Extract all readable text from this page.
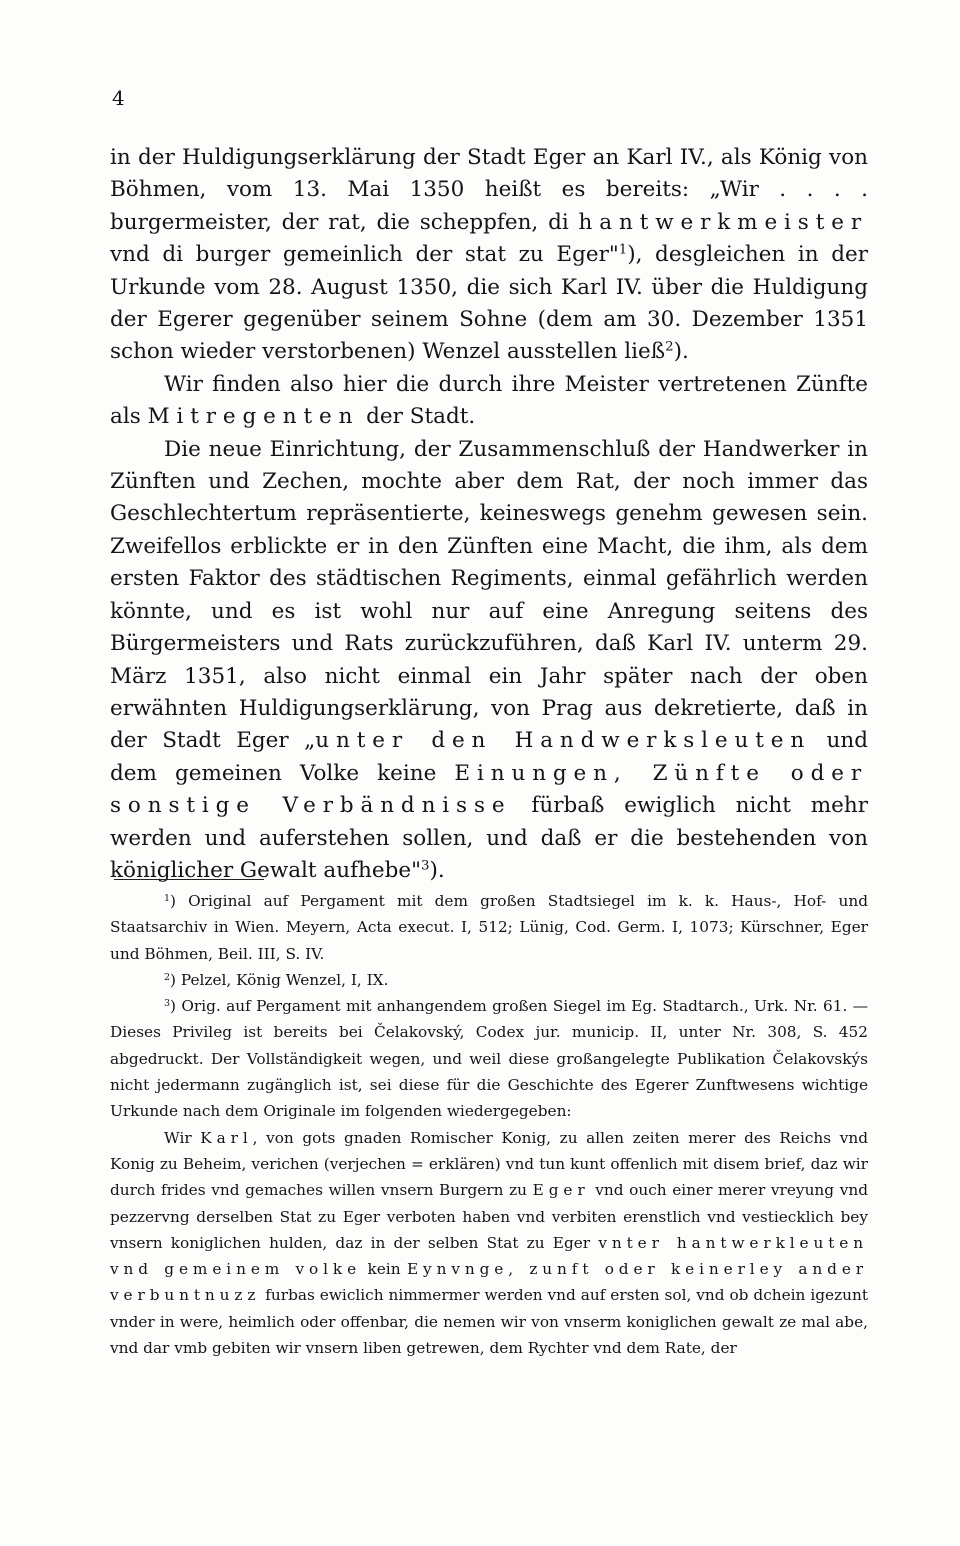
4

in der Huldigungserklärung der Stadt Eger an Karl IV., als König von Böhmen, vom 13. Mai 1350 heißt es bereits: „Wir . . . . burgermeister, der rat, die scheppfen, di hantwerkmeister vnd di burger gemeinlich der stat zu Eger"$^1$), desgleichen in der Urkunde vom 28. August 1350, die sich Karl IV. über die Huldigung der Egerer gegenüber seinem Sohne (dem am 30. Dezember 1351 schon wieder verstorbenen) Wenzel ausstellen ließ$^2$).

Wir finden also hier die durch ihre Meister vertretenen Zünfte als Mitregenten der Stadt.

Die neue Einrichtung, der Zusammenschluß der Handwerker in Zünften und Zechen, mochte aber dem Rat, der noch immer das Geschlechtertum repräsentierte, keineswegs genehm gewesen sein. Zweifellos erblickte er in den Zünften eine Macht, die ihm, als dem ersten Faktor des städtischen Regiments, einmal gefährlich werden könnte, und es ist wohl nur auf eine Anregung seitens des Bürgermeisters und Rats zurückzuführen, daß Karl IV. unterm 29. März 1351, also nicht einmal ein Jahr später nach der oben erwähnten Huldigungserklärung, von Prag aus dekretierte, daß in der Stadt Eger „unter den Handwerksleuten und dem gemeinen Volke keine Einungen, Zünfte oder sonstige Verbändnisse fürbaß ewiglich nicht mehr werden und auferstehen sollen, und daß er die bestehenden von königlicher Gewalt aufhebe"$^3$).

$^1$) Original auf Pergament mit dem großen Stadtsiegel im k. k. Haus-, Hof- und Staatsarchiv in Wien. Meyern, Acta execut. I, 512; Lünig, Cod. Germ. I, 1073; Kürschner, Eger und Böhmen, Beil. III, S. IV.

$^2$) Pelzel, König Wenzel, I, IX.

$^3$) Orig. auf Pergament mit anhangendem großen Siegel im Eg. Stadtarch., Urk. Nr. 61. — Dieses Privileg ist bereits bei Čelakovský, Codex jur. municip. II, unter Nr. 308, S. 452 abgedruckt. Der Vollständigkeit wegen, und weil diese großangelegte Publikation Čelakovskýs nicht jedermann zugänglich ist, sei diese für die Geschichte des Egerer Zunftwesens wichtige Urkunde nach dem Originale im folgenden wiedergegeben:

Wir Karl, von gots gnaden Romischer Konig, zu allen zeiten merer des Reichs vnd Konig zu Beheim, verichen (verjechen = erklären) vnd tun kunt offenlich mit disem brief, daz wir durch frides vnd gemaches willen vnsern Burgern zu Eger vnd ouch einer merer vreyung vnd pezzervng derselben Stat zu Eger verboten haben vnd verbiten erenstlich vnd vestiecklich bey vnsern koniglichen hulden, daz in der selben Stat zu Eger vnter hantwerkleuten vnd gemeinem volke kein Eynvnge, zunft oder keinerley ander verbuntnuzz furbas ewiclich nimmermer werden vnd auf ersten sol, vnd ob dchein igezunt vnder in were, heimlich oder offenbar, die nemen wir von vnserm koniglichen gewalt ze mal abe, vnd dar vmb gebiten wir vnsern liben getrewen, dem Rychter vnd dem Rate, der
